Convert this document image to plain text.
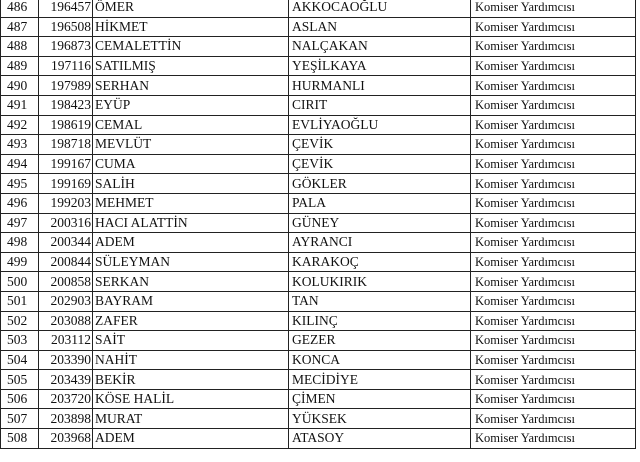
486	196457	ÖMER	AKKOCAOĞLU	Komiser Yardımcısı
487	196508	HİKMET	ASLAN	Komiser Yardımcısı
488	196873	CEMALETTİN	NALÇAKAN	Komiser Yardımcısı
489	197116	SATILMIŞ	YEŞİLKAYA	Komiser Yardımcısı
490	197989	SERHAN	HURMANLI	Komiser Yardımcısı
491	198423	EYÜP	CIRIT	Komiser Yardımcısı
492	198619	CEMAL	EVLİYAOĞLU	Komiser Yardımcısı
493	198718	MEVLÜT	ÇEVİK	Komiser Yardımcısı
494	199167	CUMA	ÇEVİK	Komiser Yardımcısı
495	199169	SALİH	GÖKLER	Komiser Yardımcısı
496	199203	MEHMET	PALA	Komiser Yardımcısı
497	200316	HACI ALATTİN	GÜNEY	Komiser Yardımcısı
498	200344	ADEM	AYRANCI	Komiser Yardımcısı
499	200844	SÜLEYMAN	KARAKOÇ	Komiser Yardımcısı
500	200858	SERKAN	KOLUKIRIK	Komiser Yardımcısı
501	202903	BAYRAM	TAN	Komiser Yardımcısı
502	203088	ZAFER	KILINÇ	Komiser Yardımcısı
503	203112	SAİT	GEZER	Komiser Yardımcısı
504	203390	NAHİT	KONCA	Komiser Yardımcısı
505	203439	BEKİR	MECİDİYE	Komiser Yardımcısı
506	203720	KÖSE HALİL	ÇİMEN	Komiser Yardımcısı
507	203898	MURAT	YÜKSEK	Komiser Yardımcısı
508	203968	ADEM	ATASOY	Komiser Yardımcısı
